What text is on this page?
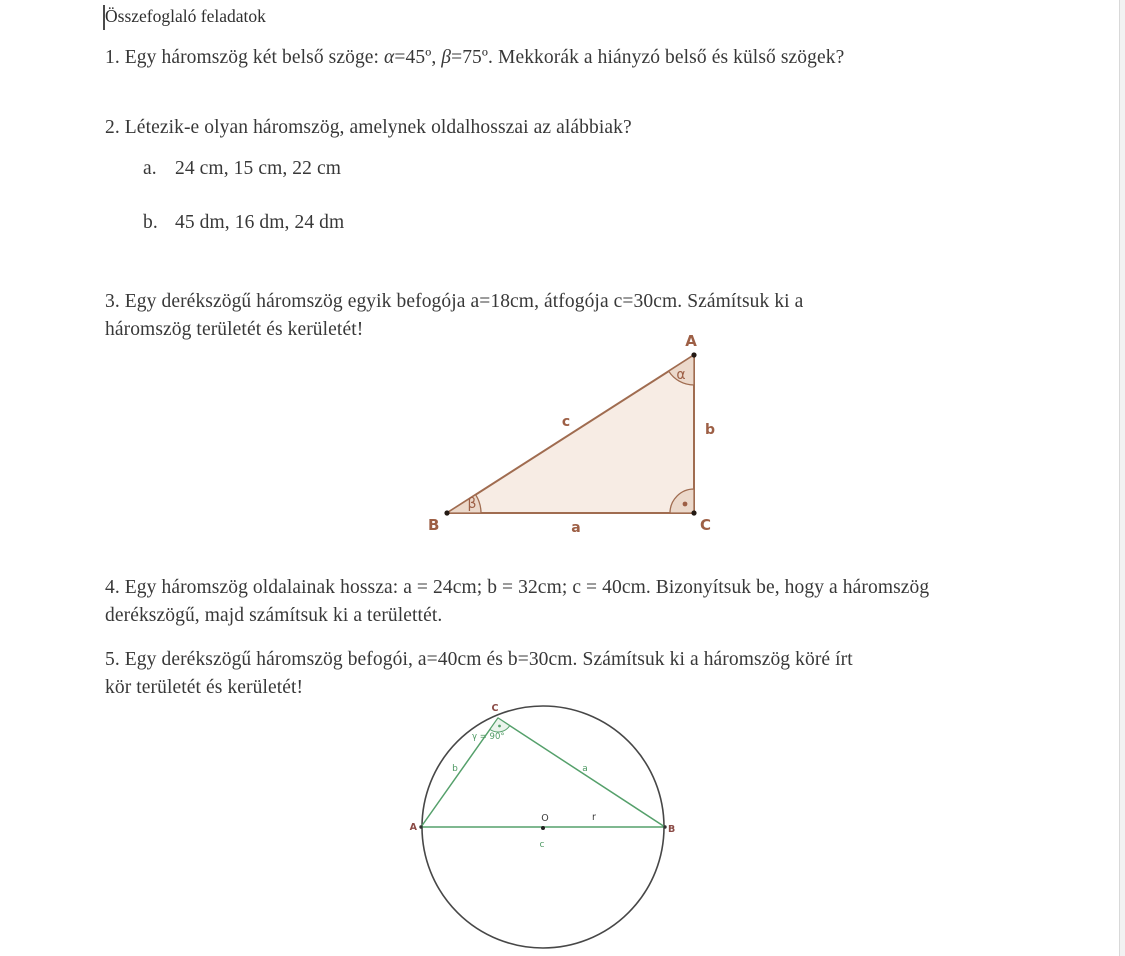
Összefoglaló feladatok
1. Egy háromszög két belső szöge: α=45º, β=75º. Mekkorák a hiányzó belső és külső szögek?
2. Létezik-e olyan háromszög, amelynek oldalhosszai az alábbiak?
a. 24 cm, 15 cm, 22 cm
b. 45 dm, 16 dm, 24 dm
3. Egy derékszögű háromszög egyik befogója a=18cm, átfogója c=30cm. Számítsuk ki a
háromszög területét és kerületét!
A
B	C
c	b
a
α
β
4. Egy háromszög oldalainak hossza: a = 24cm; b = 32cm; c = 40cm. Bizonyítsuk be, hogy a háromszög
derékszögű, majd számítsuk ki a területtét.
5. Egy derékszögű háromszög befogói, a=40cm és b=30cm. Számítsuk ki a háromszög köré írt
kör területét és kerületét!
A	B
C
O	r
b	a
c
γ = 90°
